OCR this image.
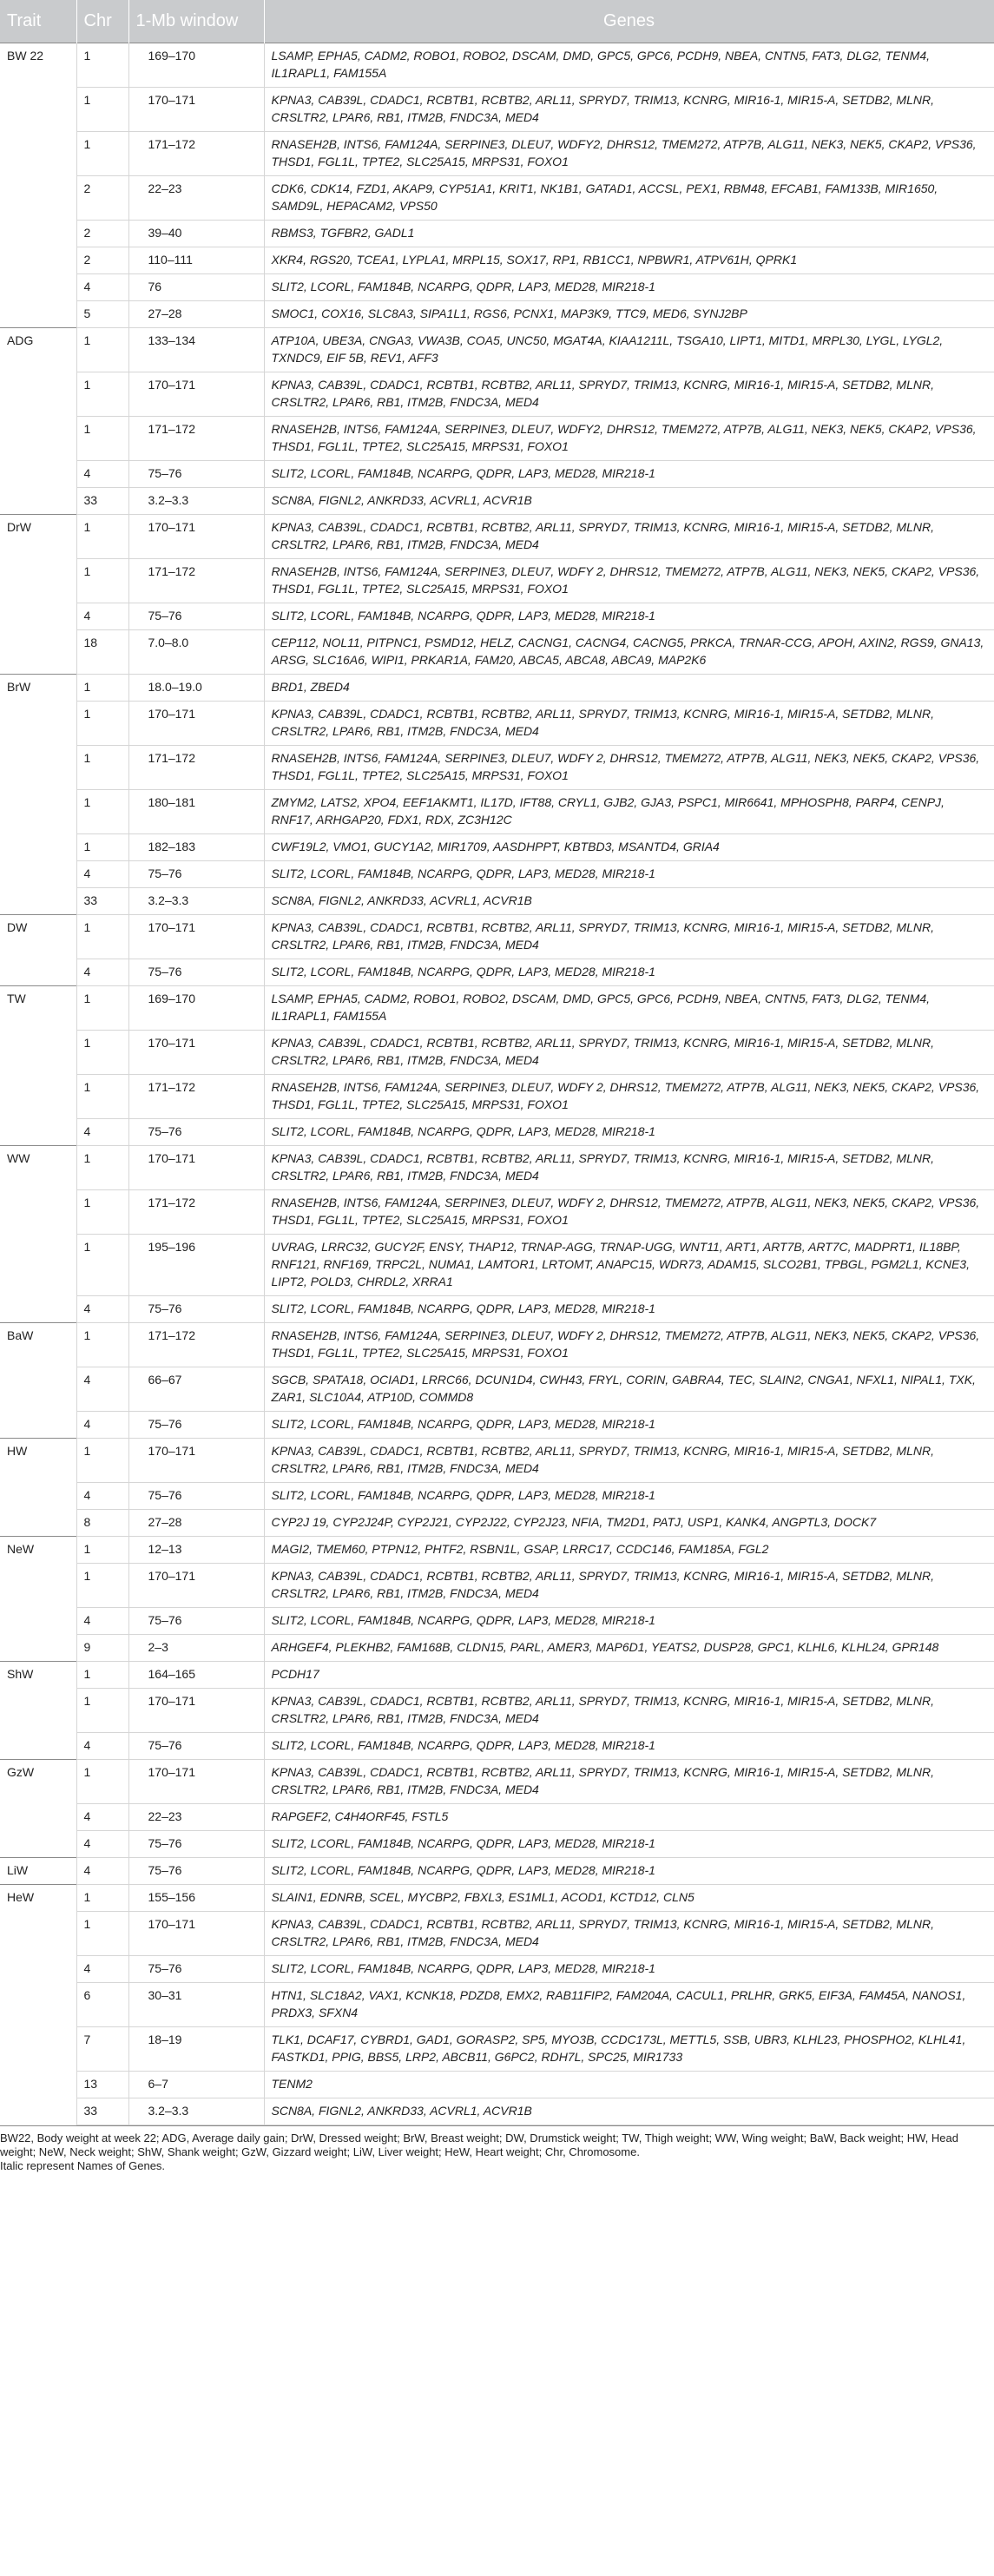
Trait	Chr	1-Mb window	Genes
BW 22	1	169–170	LSAMP, EPHA5, CADM2, ROBO1, ROBO2, DSCAM, DMD, GPC5, GPC6, PCDH9, NBEA, CNTN5, FAT3, DLG2, TENM4, IL1RAPL1, FAM155A
	1	170–171	KPNA3, CAB39L, CDADC1, RCBTB1, RCBTB2, ARL11, SPRYD7, TRIM13, KCNRG, MIR16-1, MIR15-A, SETDB2, MLNR, CRSLTR2, LPAR6, RB1, ITM2B, FNDC3A, MED4
	1	171–172	RNASEH2B, INTS6, FAM124A, SERPINE3, DLEU7, WDFY2, DHRS12, TMEM272, ATP7B, ALG11, NEK3, NEK5, CKAP2, VPS36, THSD1, FGL1L, TPTE2, SLC25A15, MRPS31, FOXO1
	2	22–23	CDK6, CDK14, FZD1, AKAP9, CYP51A1, KRIT1, NK1B1, GATAD1, ACCSL, PEX1, RBM48, EFCAB1, FAM133B, MIR1650, SAMD9L, HEPACAM2, VPS50
	2	39–40	RBMS3, TGFBR2, GADL1
	2	110–111	XKR4, RGS20, TCEA1, LYPLA1, MRPL15, SOX17, RP1, RB1CC1, NPBWR1, ATPV61H, QPRK1
	4	76	SLIT2, LCORL, FAM184B, NCARPG, QDPR, LAP3, MED28, MIR218-1
	5	27–28	SMOC1, COX16, SLC8A3, SIPA1L1, RGS6, PCNX1, MAP3K9, TTC9, MED6, SYNJ2BP
ADG	1	133–134	ATP10A, UBE3A, CNGA3, VWA3B, COA5, UNC50, MGAT4A, KIAA1211L, TSGA10, LIPT1, MITD1, MRPL30, LYGL, LYGL2, TXNDC9, EIF 5B, REV1, AFF3
	1	170–171	KPNA3, CAB39L, CDADC1, RCBTB1, RCBTB2, ARL11, SPRYD7, TRIM13, KCNRG, MIR16-1, MIR15-A, SETDB2, MLNR, CRSLTR2, LPAR6, RB1, ITM2B, FNDC3A, MED4
	1	171–172	RNASEH2B, INTS6, FAM124A, SERPINE3, DLEU7, WDFY2, DHRS12, TMEM272, ATP7B, ALG11, NEK3, NEK5, CKAP2, VPS36, THSD1, FGL1L, TPTE2, SLC25A15, MRPS31, FOXO1
	4	75–76	SLIT2, LCORL, FAM184B, NCARPG, QDPR, LAP3, MED28, MIR218-1
	33	3.2–3.3	SCN8A, FIGNL2, ANKRD33, ACVRL1, ACVR1B
DrW	1	170–171	KPNA3, CAB39L, CDADC1, RCBTB1, RCBTB2, ARL11, SPRYD7, TRIM13, KCNRG, MIR16-1, MIR15-A, SETDB2, MLNR, CRSLTR2, LPAR6, RB1, ITM2B, FNDC3A, MED4
	1	171–172	RNASEH2B, INTS6, FAM124A, SERPINE3, DLEU7, WDFY 2, DHRS12, TMEM272, ATP7B, ALG11, NEK3, NEK5, CKAP2, VPS36, THSD1, FGL1L, TPTE2, SLC25A15, MRPS31, FOXO1
	4	75–76	SLIT2, LCORL, FAM184B, NCARPG, QDPR, LAP3, MED28, MIR218-1
	18	7.0–8.0	CEP112, NOL11, PITPNC1, PSMD12, HELZ, CACNG1, CACNG4, CACNG5, PRKCA, TRNAR-CCG, APOH, AXIN2, RGS9, GNA13, ARSG, SLC16A6, WIPI1, PRKAR1A, FAM20, ABCA5, ABCA8, ABCA9, MAP2K6
BrW	1	18.0–19.0	BRD1, ZBED4
	1	170–171	KPNA3, CAB39L, CDADC1, RCBTB1, RCBTB2, ARL11, SPRYD7, TRIM13, KCNRG, MIR16-1, MIR15-A, SETDB2, MLNR, CRSLTR2, LPAR6, RB1, ITM2B, FNDC3A, MED4
	1	171–172	RNASEH2B, INTS6, FAM124A, SERPINE3, DLEU7, WDFY 2, DHRS12, TMEM272, ATP7B, ALG11, NEK3, NEK5, CKAP2, VPS36, THSD1, FGL1L, TPTE2, SLC25A15, MRPS31, FOXO1
	1	180–181	ZMYM2, LATS2, XPO4, EEF1AKMT1, IL17D, IFT88, CRYL1, GJB2, GJA3, PSPC1, MIR6641, MPHOSPH8, PARP4, CENPJ, RNF17, ARHGAP20, FDX1, RDX, ZC3H12C
	1	182–183	CWF19L2, VMO1, GUCY1A2, MIR1709, AASDHPPT, KBTBD3, MSANTD4, GRIA4
	4	75–76	SLIT2, LCORL, FAM184B, NCARPG, QDPR, LAP3, MED28, MIR218-1
	33	3.2–3.3	SCN8A, FIGNL2, ANKRD33, ACVRL1, ACVR1B
DW	1	170–171	KPNA3, CAB39L, CDADC1, RCBTB1, RCBTB2, ARL11, SPRYD7, TRIM13, KCNRG, MIR16-1, MIR15-A, SETDB2, MLNR, CRSLTR2, LPAR6, RB1, ITM2B, FNDC3A, MED4
	4	75–76	SLIT2, LCORL, FAM184B, NCARPG, QDPR, LAP3, MED28, MIR218-1
TW	1	169–170	LSAMP, EPHA5, CADM2, ROBO1, ROBO2, DSCAM, DMD, GPC5, GPC6, PCDH9, NBEA, CNTN5, FAT3, DLG2, TENM4, IL1RAPL1, FAM155A
	1	170–171	KPNA3, CAB39L, CDADC1, RCBTB1, RCBTB2, ARL11, SPRYD7, TRIM13, KCNRG, MIR16-1, MIR15-A, SETDB2, MLNR, CRSLTR2, LPAR6, RB1, ITM2B, FNDC3A, MED4
	1	171–172	RNASEH2B, INTS6, FAM124A, SERPINE3, DLEU7, WDFY 2, DHRS12, TMEM272, ATP7B, ALG11, NEK3, NEK5, CKAP2, VPS36, THSD1, FGL1L, TPTE2, SLC25A15, MRPS31, FOXO1
	4	75–76	SLIT2, LCORL, FAM184B, NCARPG, QDPR, LAP3, MED28, MIR218-1
WW	1	170–171	KPNA3, CAB39L, CDADC1, RCBTB1, RCBTB2, ARL11, SPRYD7, TRIM13, KCNRG, MIR16-1, MIR15-A, SETDB2, MLNR, CRSLTR2, LPAR6, RB1, ITM2B, FNDC3A, MED4
	1	171–172	RNASEH2B, INTS6, FAM124A, SERPINE3, DLEU7, WDFY 2, DHRS12, TMEM272, ATP7B, ALG11, NEK3, NEK5, CKAP2, VPS36, THSD1, FGL1L, TPTE2, SLC25A15, MRPS31, FOXO1
	1	195–196	UVRAG, LRRC32, GUCY2F, ENSY, THAP12, TRNAP-AGG, TRNAP-UGG, WNT11, ART1, ART7B, ART7C, MADPRT1, IL18BP, RNF121, RNF169, TRPC2L, NUMA1, LAMTOR1, LRTOMT, ANAPC15, WDR73, ADAM15, SLCO2B1, TPBGL, PGM2L1, KCNE3, LIPT2, POLD3, CHRDL2, XRRA1
	4	75–76	SLIT2, LCORL, FAM184B, NCARPG, QDPR, LAP3, MED28, MIR218-1
BaW	1	171–172	RNASEH2B, INTS6, FAM124A, SERPINE3, DLEU7, WDFY 2, DHRS12, TMEM272, ATP7B, ALG11, NEK3, NEK5, CKAP2, VPS36, THSD1, FGL1L, TPTE2, SLC25A15, MRPS31, FOXO1
	4	66–67	SGCB, SPATA18, OCIAD1, LRRC66, DCUN1D4, CWH43, FRYL, CORIN, GABRA4, TEC, SLAIN2, CNGA1, NFXL1, NIPAL1, TXK, ZAR1, SLC10A4, ATP10D, COMMD8
	4	75–76	SLIT2, LCORL, FAM184B, NCARPG, QDPR, LAP3, MED28, MIR218-1
HW	1	170–171	KPNA3, CAB39L, CDADC1, RCBTB1, RCBTB2, ARL11, SPRYD7, TRIM13, KCNRG, MIR16-1, MIR15-A, SETDB2, MLNR, CRSLTR2, LPAR6, RB1, ITM2B, FNDC3A, MED4
	4	75–76	SLIT2, LCORL, FAM184B, NCARPG, QDPR, LAP3, MED28, MIR218-1
	8	27–28	CYP2J 19, CYP2J24P, CYP2J21, CYP2J22, CYP2J23, NFIA, TM2D1, PATJ, USP1, KANK4, ANGPTL3, DOCK7
NeW	1	12–13	MAGI2, TMEM60, PTPN12, PHTF2, RSBN1L, GSAP, LRRC17, CCDC146, FAM185A, FGL2
	1	170–171	KPNA3, CAB39L, CDADC1, RCBTB1, RCBTB2, ARL11, SPRYD7, TRIM13, KCNRG, MIR16-1, MIR15-A, SETDB2, MLNR, CRSLTR2, LPAR6, RB1, ITM2B, FNDC3A, MED4
	4	75–76	SLIT2, LCORL, FAM184B, NCARPG, QDPR, LAP3, MED28, MIR218-1
	9	2–3	ARHGEF4, PLEKHB2, FAM168B, CLDN15, PARL, AMER3, MAP6D1, YEATS2, DUSP28, GPC1, KLHL6, KLHL24, GPR148
ShW	1	164–165	PCDH17
	1	170–171	KPNA3, CAB39L, CDADC1, RCBTB1, RCBTB2, ARL11, SPRYD7, TRIM13, KCNRG, MIR16-1, MIR15-A, SETDB2, MLNR, CRSLTR2, LPAR6, RB1, ITM2B, FNDC3A, MED4
	4	75–76	SLIT2, LCORL, FAM184B, NCARPG, QDPR, LAP3, MED28, MIR218-1
GzW	1	170–171	KPNA3, CAB39L, CDADC1, RCBTB1, RCBTB2, ARL11, SPRYD7, TRIM13, KCNRG, MIR16-1, MIR15-A, SETDB2, MLNR, CRSLTR2, LPAR6, RB1, ITM2B, FNDC3A, MED4
	4	22–23	RAPGEF2, C4H4ORF45, FSTL5
	4	75–76	SLIT2, LCORL, FAM184B, NCARPG, QDPR, LAP3, MED28, MIR218-1
LiW	4	75–76	SLIT2, LCORL, FAM184B, NCARPG, QDPR, LAP3, MED28, MIR218-1
HeW	1	155–156	SLAIN1, EDNRB, SCEL, MYCBP2, FBXL3, ES1ML1, ACOD1, KCTD12, CLN5
	1	170–171	KPNA3, CAB39L, CDADC1, RCBTB1, RCBTB2, ARL11, SPRYD7, TRIM13, KCNRG, MIR16-1, MIR15-A, SETDB2, MLNR, CRSLTR2, LPAR6, RB1, ITM2B, FNDC3A, MED4
	4	75–76	SLIT2, LCORL, FAM184B, NCARPG, QDPR, LAP3, MED28, MIR218-1
	6	30–31	HTN1, SLC18A2, VAX1, KCNK18, PDZD8, EMX2, RAB11FIP2, FAM204A, CACUL1, PRLHR, GRK5, EIF3A, FAM45A, NANOS1, PRDX3, SFXN4
	7	18–19	TLK1, DCAF17, CYBRD1, GAD1, GORASP2, SP5, MYO3B, CCDC173L, METTL5, SSB, UBR3, KLHL23, PHOSPHO2, KLHL41, FASTKD1, PPIG, BBS5, LRP2, ABCB11, G6PC2, RDH7L, SPC25, MIR1733
	13	6–7	TENM2
	33	3.2–3.3	SCN8A, FIGNL2, ANKRD33, ACVRL1, ACVR1B
BW22, Body weight at week 22; ADG, Average daily gain; DrW, Dressed weight; BrW, Breast weight; DW, Drumstick weight; TW, Thigh weight; WW, Wing weight; BaW, Back weight; HW, Head weight; NeW, Neck weight; ShW, Shank weight; GzW, Gizzard weight; LiW, Liver weight; HeW, Heart weight; Chr, Chromosome.
Italic represent Names of Genes.
